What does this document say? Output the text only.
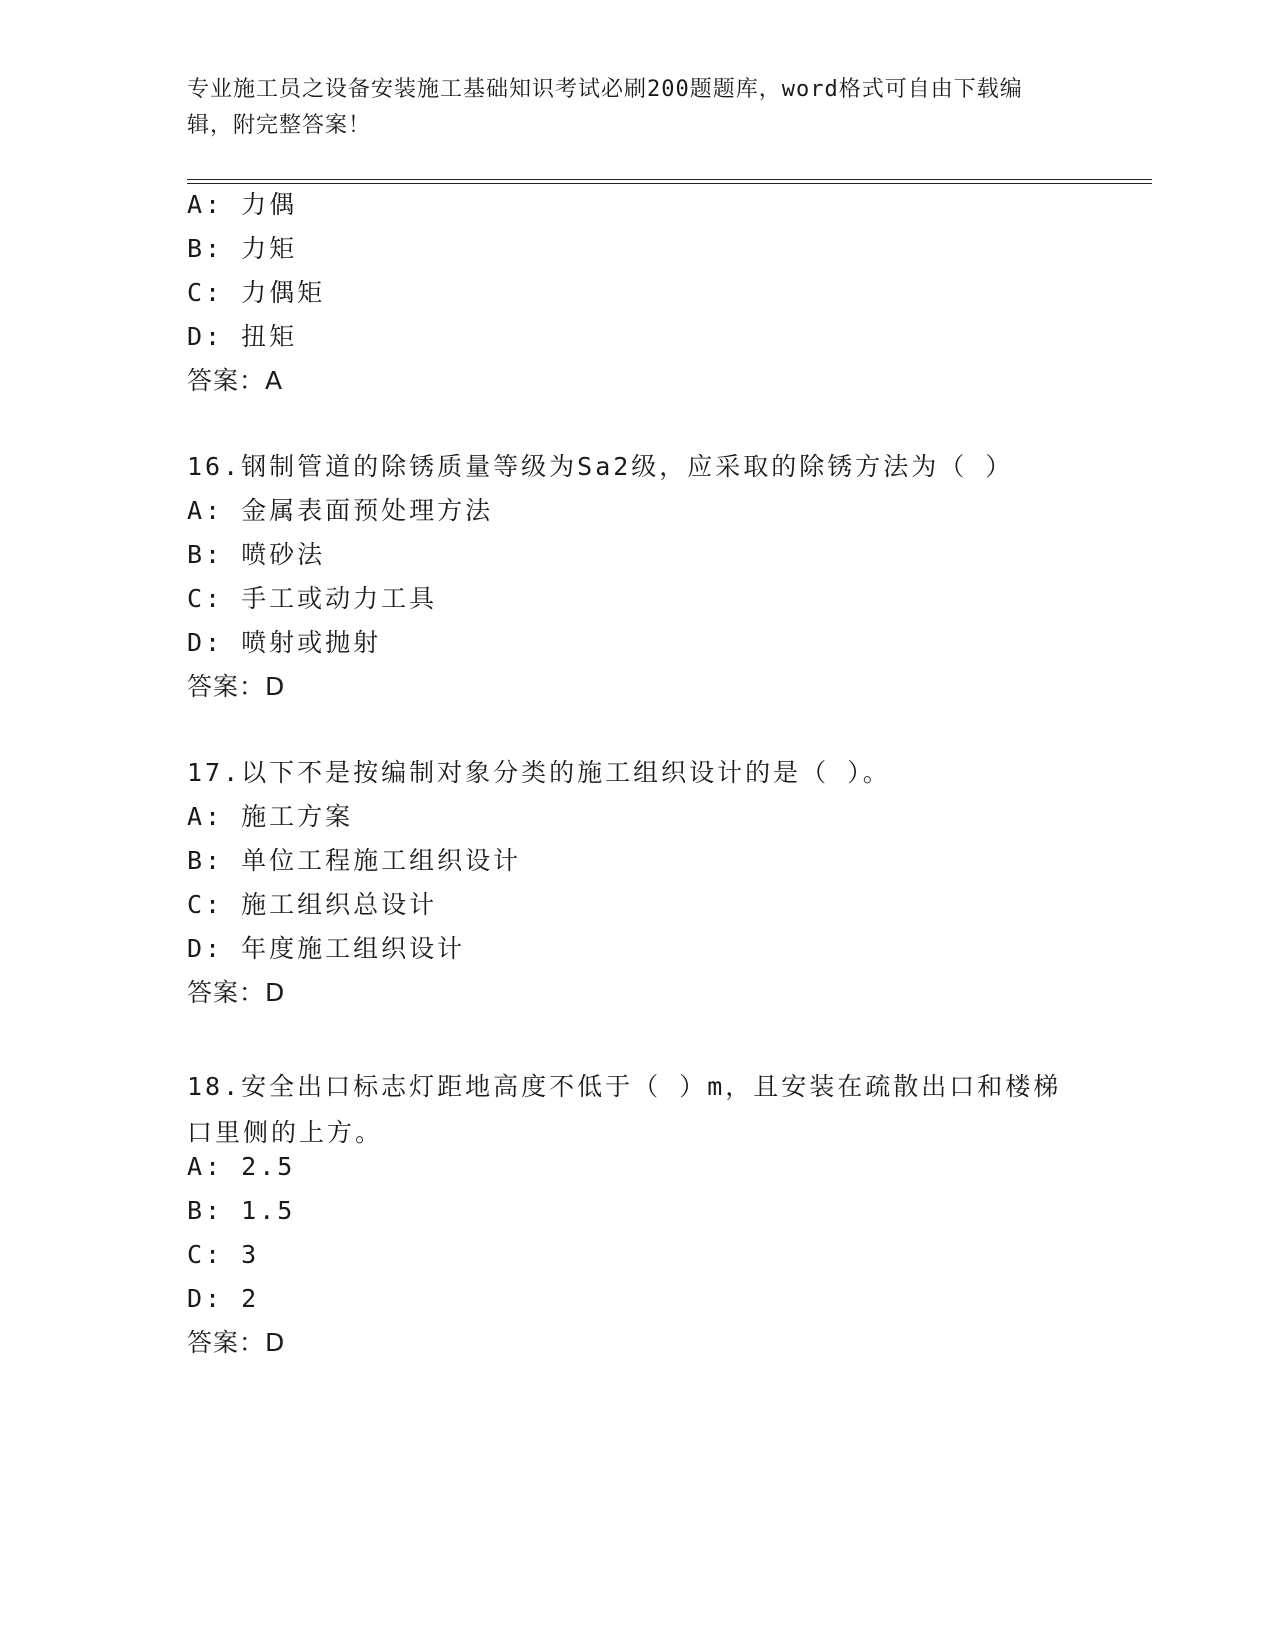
专业施工员之设备安装施工基础知识考试必刷200题题库，word格式可自由下载编辑，附完整答案！
A: 力偶
B: 力矩
C: 力偶矩
D: 扭矩
答案：A
16.钢制管道的除锈质量等级为Sa2级，应采取的除锈方法为（ ）
A: 金属表面预处理方法
B: 喷砂法
C: 手工或动力工具
D: 喷射或抛射
答案：D
17.以下不是按编制对象分类的施工组织设计的是（ ）。
A: 施工方案
B: 单位工程施工组织设计
C: 施工组织总设计
D: 年度施工组织设计
答案：D
18.安全出口标志灯距地高度不低于（ ）m，且安装在疏散出口和楼梯口里侧的上方。
A: 2.5
B: 1.5
C: 3
D: 2
答案：D
